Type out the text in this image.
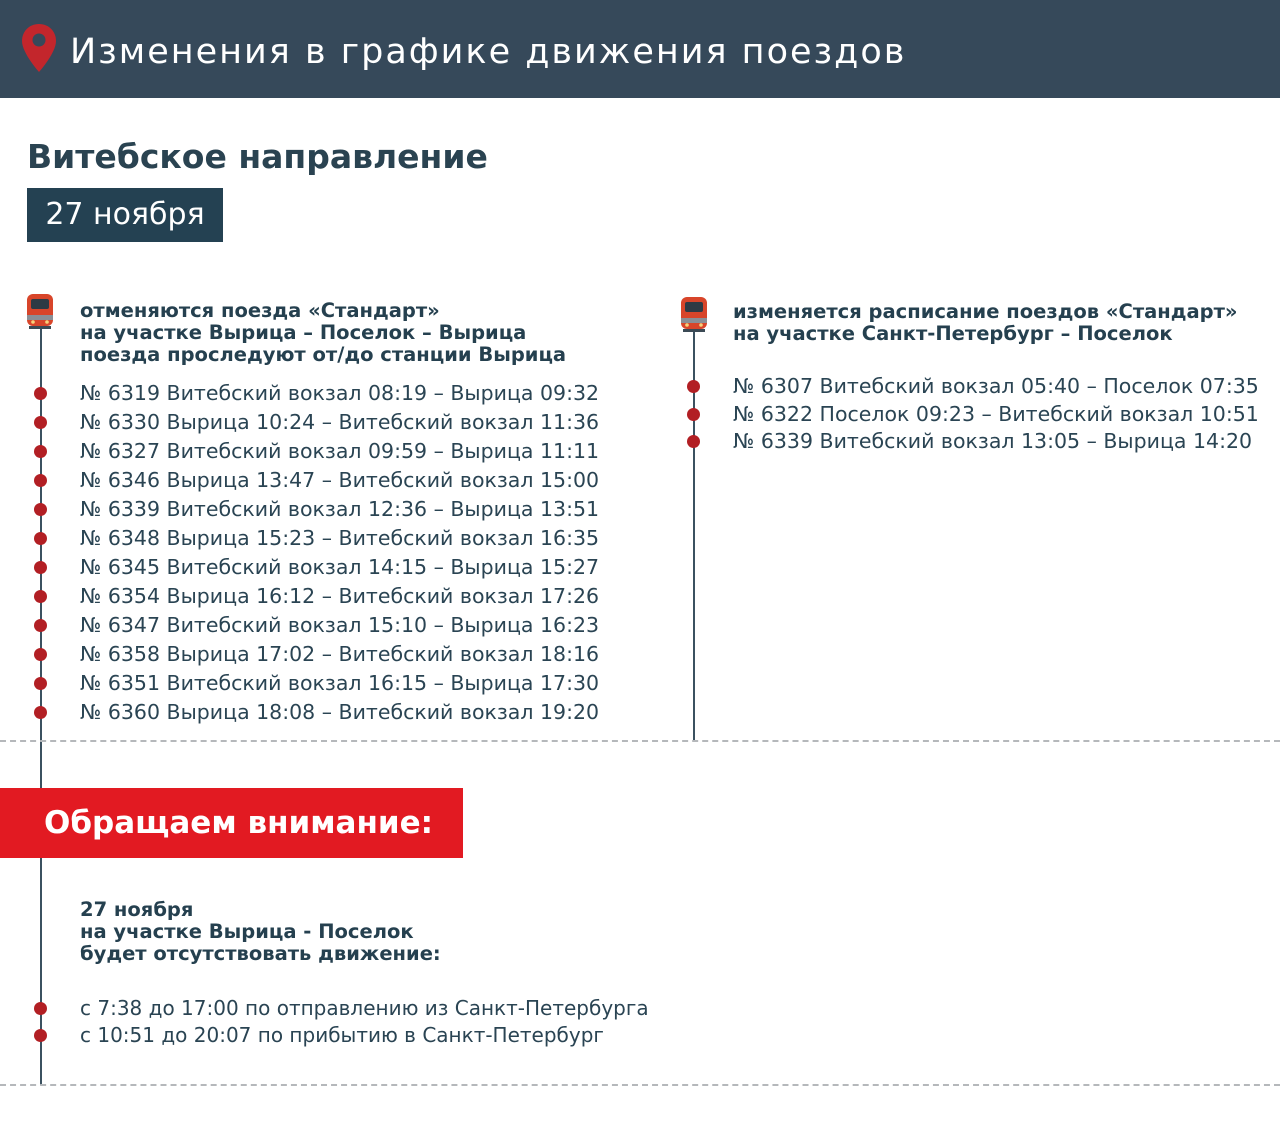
Изменения в графике движения поездов
Витебское направление
27 ноября
отменяются поезда «Стандарт»
на участке Вырица – Поселок – Вырица
поезда проследуют от/до станции Вырица
№ 6319 Витебский вокзал 08:19 – Вырица 09:32
№ 6330 Вырица 10:24 – Витебский вокзал 11:36
№ 6327 Витебский вокзал 09:59 – Вырица 11:11
№ 6346 Вырица 13:47 – Витебский вокзал 15:00
№ 6339 Витебский вокзал 12:36 – Вырица 13:51
№ 6348 Вырица 15:23 – Витебский вокзал 16:35
№ 6345 Витебский вокзал 14:15 – Вырица 15:27
№ 6354 Вырица 16:12 – Витебский вокзал 17:26
№ 6347 Витебский вокзал 15:10 – Вырица 16:23
№ 6358 Вырица 17:02 – Витебский вокзал 18:16
№ 6351 Витебский вокзал 16:15 – Вырица 17:30
№ 6360 Вырица 18:08 – Витебский вокзал 19:20
изменяется расписание поездов «Стандарт»
на участке Санкт-Петербург – Поселок
№ 6307 Витебский вокзал 05:40 – Поселок 07:35
№ 6322 Поселок 09:23 – Витебский вокзал 10:51
№ 6339 Витебский вокзал 13:05 – Вырица 14:20
Обращаем внимание:
27 ноября
на участке Вырица - Поселок
будет отсутствовать движение:
с 7:38 до 17:00 по отправлению из Санкт-Петербурга
с 10:51 до 20:07 по прибытию в Санкт-Петербург
